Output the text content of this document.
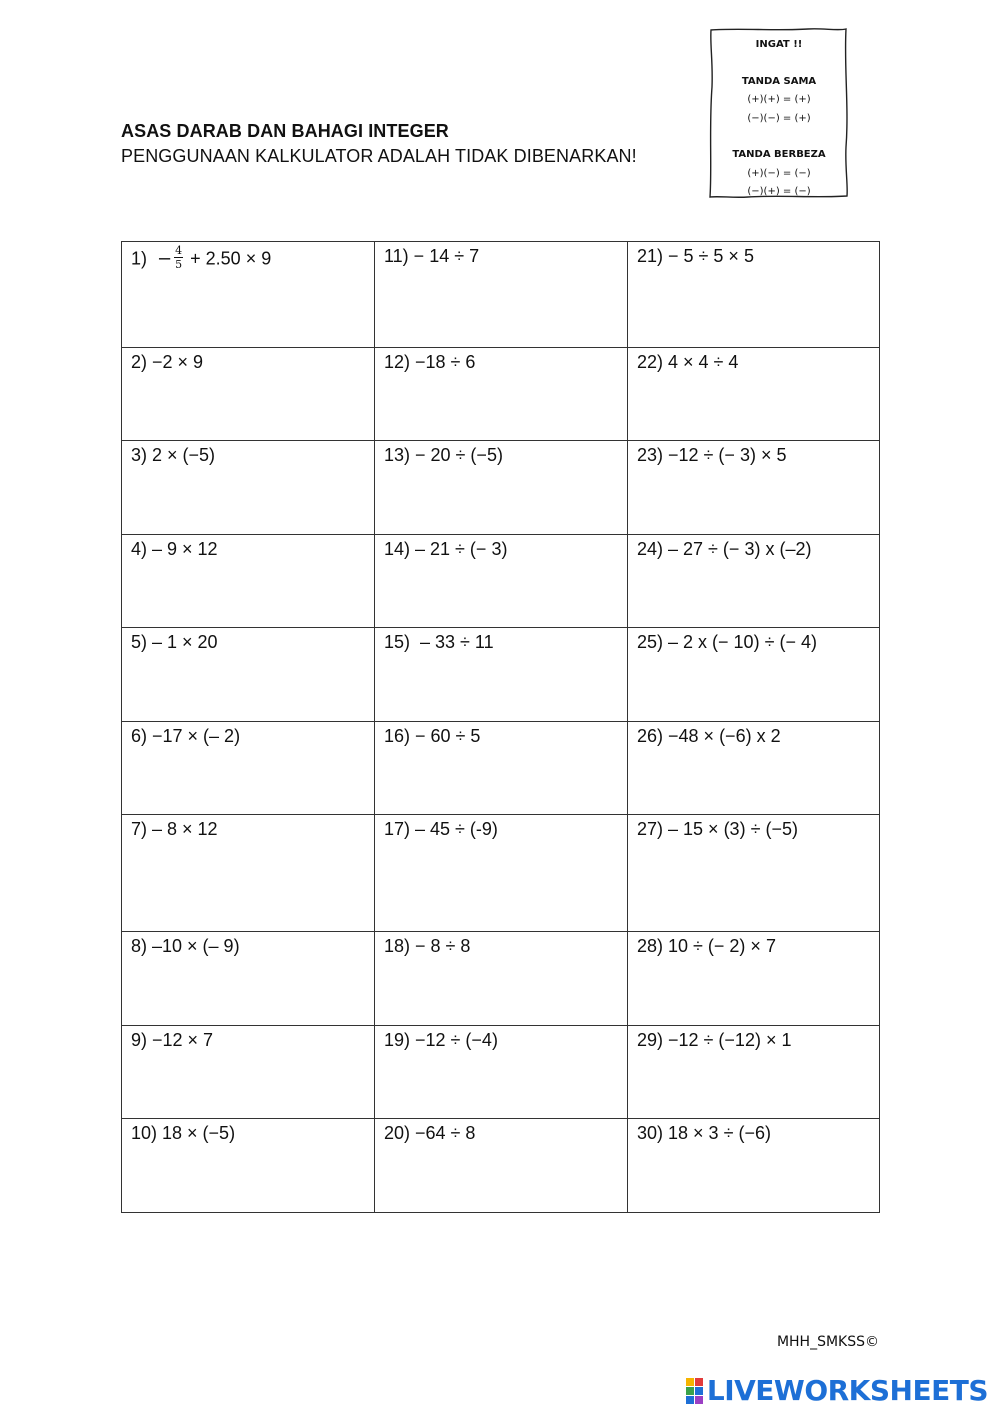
ASAS DARAB DAN BAHAGI INTEGER
PENGGUNAAN KALKULATOR ADALAH TIDAK DIBENARKAN!
INGAT !!
TANDA SAMA
(+)(+) = (+)
(−)(−) = (+)
TANDA BERBEZA
(+)(−) = (−)
(−)(+) = (−)
$1) - \frac{4}{5} + 2.50 \times 9$	11) − 14 ÷ 7	21) − 5 ÷ 5 × 5
2) −2 × 9	12) −18 ÷ 6	22) 4 × 4 ÷ 4
3) 2 × (−5)	13) − 20 ÷ (−5)	23) −12 ÷ (− 3) × 5
4) – 9 × 12	14) – 21 ÷ (− 3)	24) – 27 ÷ (− 3) x (–2)
5) – 1 × 20	15)  – 33 ÷ 11	25) – 2 x (− 10) ÷ (− 4)
6) −17 × (– 2)	16) − 60 ÷ 5	26) −48 × (−6) x 2
7) – 8 × 12	17) – 45 ÷ (-9)	27) – 15 × (3) ÷ (−5)
8) –10 × (– 9)	18) − 8 ÷ 8	28) 10 ÷ (− 2) × 7
9) −12 × 7	19) −12 ÷ (−4)	29) −12 ÷ (−12) × 1
10) 18 × (−5)	20) −64 ÷ 8	30) 18 × 3 ÷ (−6)
MHH_SMKSS©
LIVEWORKSHEETS
